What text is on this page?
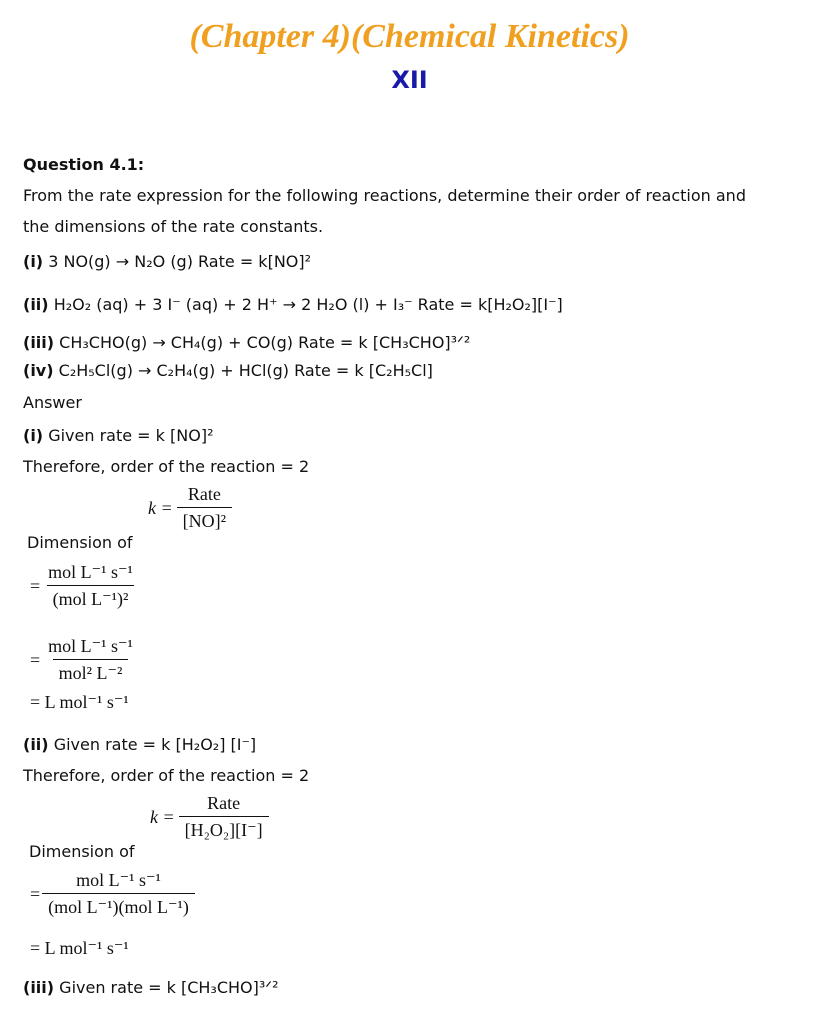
(Chapter 4)(Chemical Kinetics)
XII
Question 4.1:
From the rate expression for the following reactions, determine their order of reaction and
the dimensions of the rate constants.
(i) 3 NO(g) → N₂O (g) Rate = k[NO]²
(ii) H₂O₂ (aq) + 3 I⁻ (aq) + 2 H⁺ → 2 H₂O (l) + I₃⁻ Rate = k[H₂O₂][I⁻]
(iii) CH₃CHO(g) → CH₄(g) + CO(g) Rate = k [CH₃CHO]³ᐟ²
(iv) C₂H₅Cl(g) → C₂H₄(g) + HCl(g) Rate = k [C₂H₅Cl]
Answer
(i) Given rate = k [NO]²
Therefore, order of the reaction = 2
$k = \frac{\text{Rate}}{\text{[NO]²}}$
Dimension of
= $\frac{\text{mol L⁻¹ s⁻¹}}{\text{(mol L⁻¹)²}}$
= $\frac{\text{mol L⁻¹ s⁻¹}}{\text{mol² L⁻²}}$
= L mol⁻¹ s⁻¹
(ii) Given rate = k [H₂O₂] [I⁻]
Therefore, order of the reaction = 2
$k = \frac{\text{Rate}}{\text{[H₂O₂][I⁻]}}$
Dimension of
= $\frac{\text{mol L⁻¹ s⁻¹}}{\text{(mol L⁻¹)(mol L⁻¹)}}$
= L mol⁻¹ s⁻¹
(iii) Given rate = k [CH₃CHO]³ᐟ²
